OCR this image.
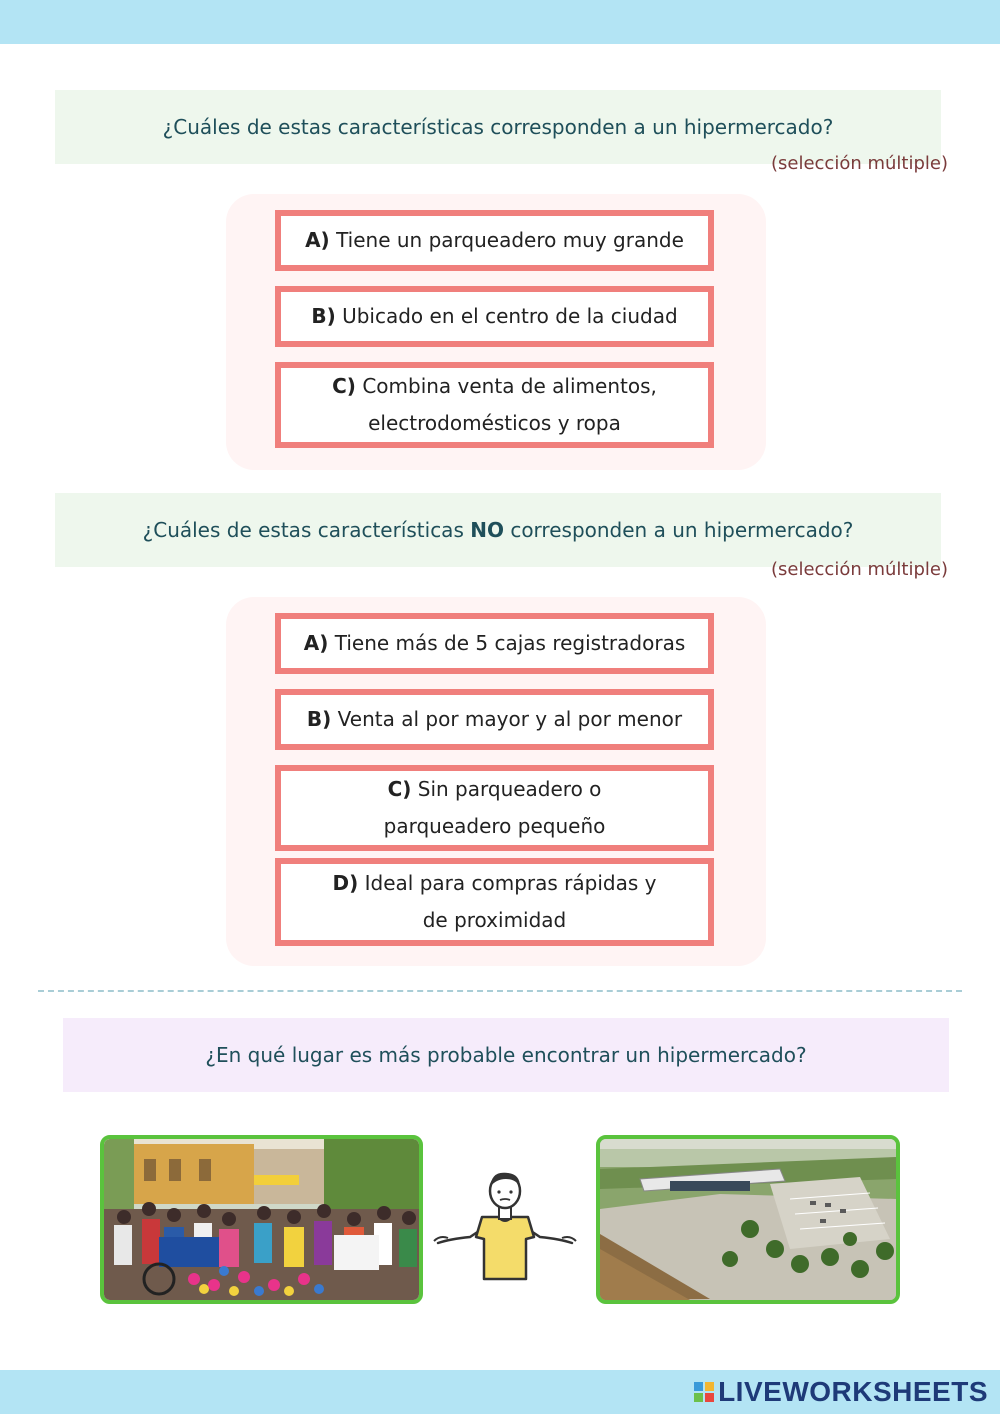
¿Cuáles de estas características corresponden a un hipermercado?
(selección múltiple)
A) Tiene un parqueadero muy grande
B) Ubicado en el centro de la ciudad
C) Combina venta de alimentos, electrodomésticos y ropa
¿Cuáles de estas características NO corresponden a un hipermercado?
(selección múltiple)
A) Tiene más de 5 cajas registradoras
B) Venta al por mayor y al por menor
C) Sin parqueadero o parqueadero pequeño
D) Ideal para compras rápidas y de proximidad
¿En qué lugar es más probable encontrar un hipermercado?
LIVEWORKSHEETS
